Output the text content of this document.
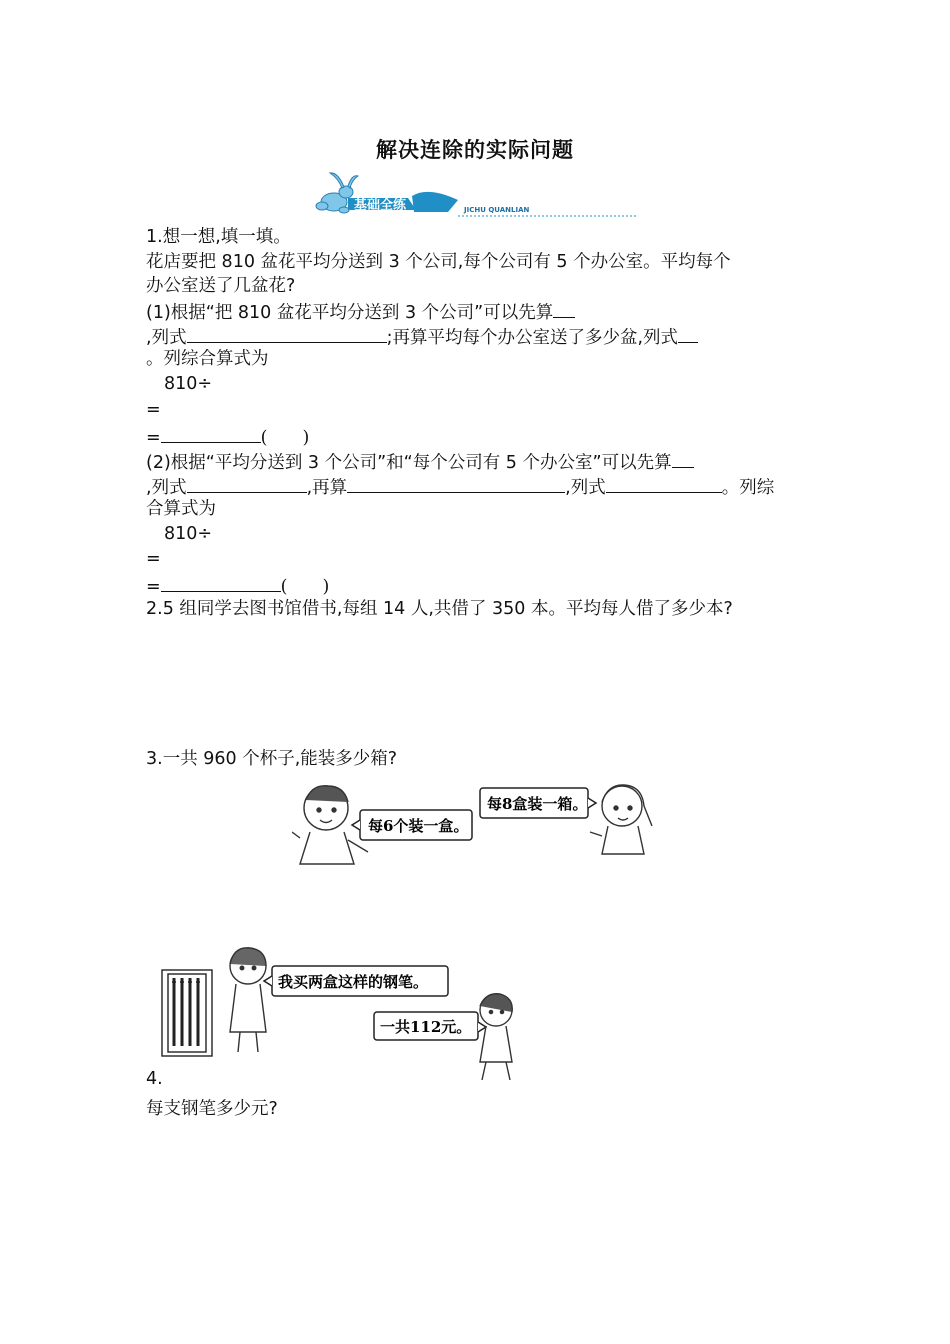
解决连除的实际问题
基础全练	JICHU QUANLIAN
1.想一想,填一填。
花店要把 810 盆花平均分送到 3 个公司,每个公司有 5 个办公室。平均每个
办公室送了几盆花?
(1)根据“把 810 盆花平均分送到 3 个公司”可以先算
,列式	;再算平均每个办公室送了多少盆,列式
。列综合算式为
810÷
=
=	(　　)
(2)根据“平均分送到 3 个公司”和“每个公司有 5 个办公室”可以先算
,列式	,再算	,列式	。列综
合算式为
810÷
=
=	(　　)
2.5 组同学去图书馆借书,每组 14 人,共借了 350 本。平均每人借了多少本?
3.一共 960 个杯子,能装多少箱?
每6个装一盒。
每8盒装一箱。
我买两盒这样的钢笔。
一共112元。
4.
每支钢笔多少元?
